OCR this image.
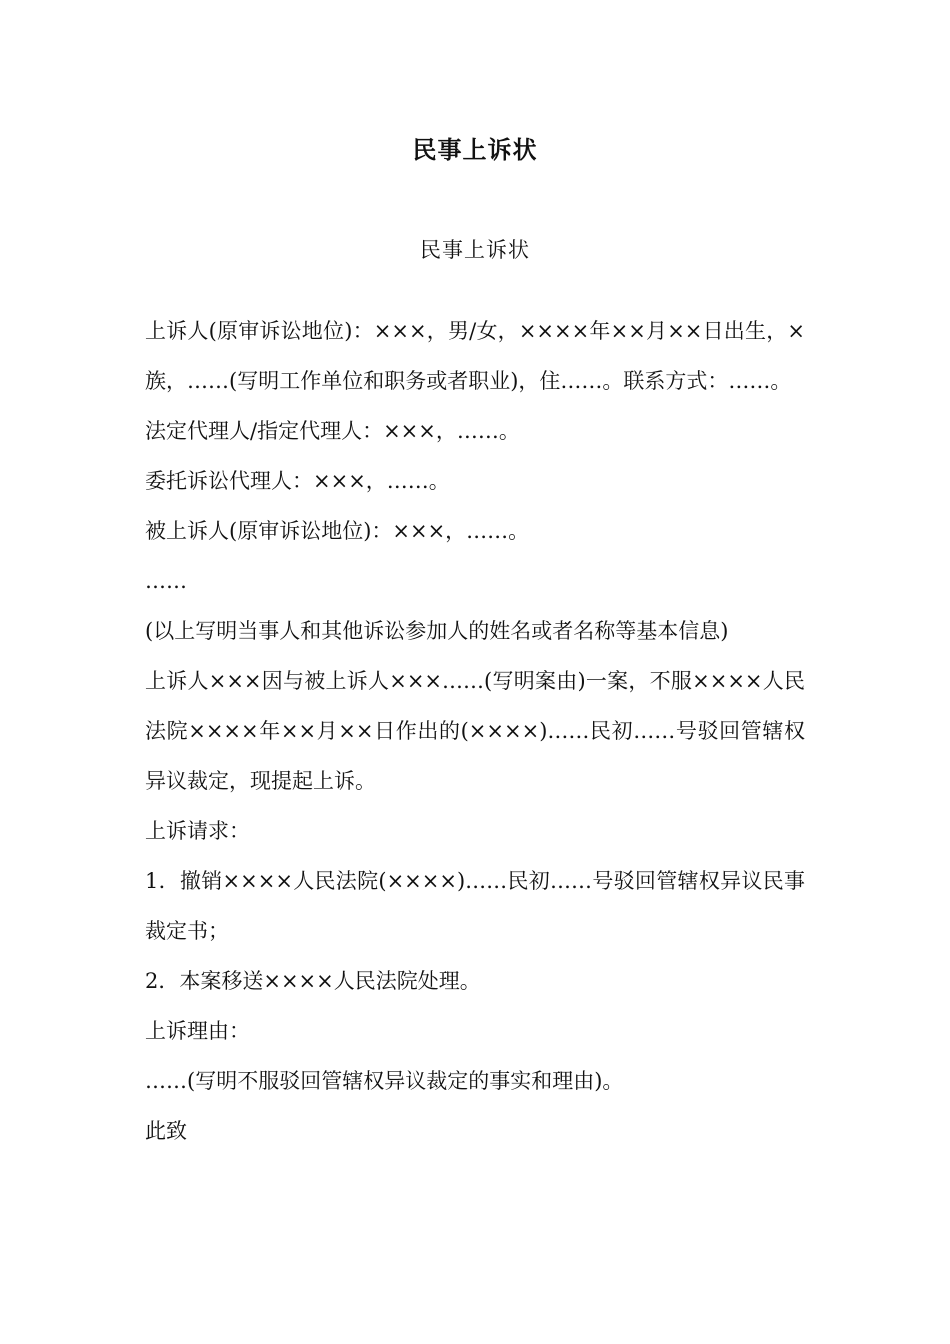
民事上诉状
民事上诉状

上诉人(原审诉讼地位)：×××，男/女，××××年××月××日出生，×族，……(写明工作单位和职务或者职业)，住……。联系方式：……。

法定代理人/指定代理人：×××，……。

委托诉讼代理人：×××，……。

被上诉人(原审诉讼地位)：×××，……。

……

(以上写明当事人和其他诉讼参加人的姓名或者名称等基本信息)

上诉人×××因与被上诉人×××……(写明案由)一案，不服××××人民法院××××年××月××日作出的(××××)……民初……号驳回管辖权异议裁定，现提起上诉。

上诉请求：

1．撤销××××人民法院(××××)……民初……号驳回管辖权异议民事裁定书；

2．本案移送××××人民法院处理。

上诉理由：

……(写明不服驳回管辖权异议裁定的事实和理由)。

此致
